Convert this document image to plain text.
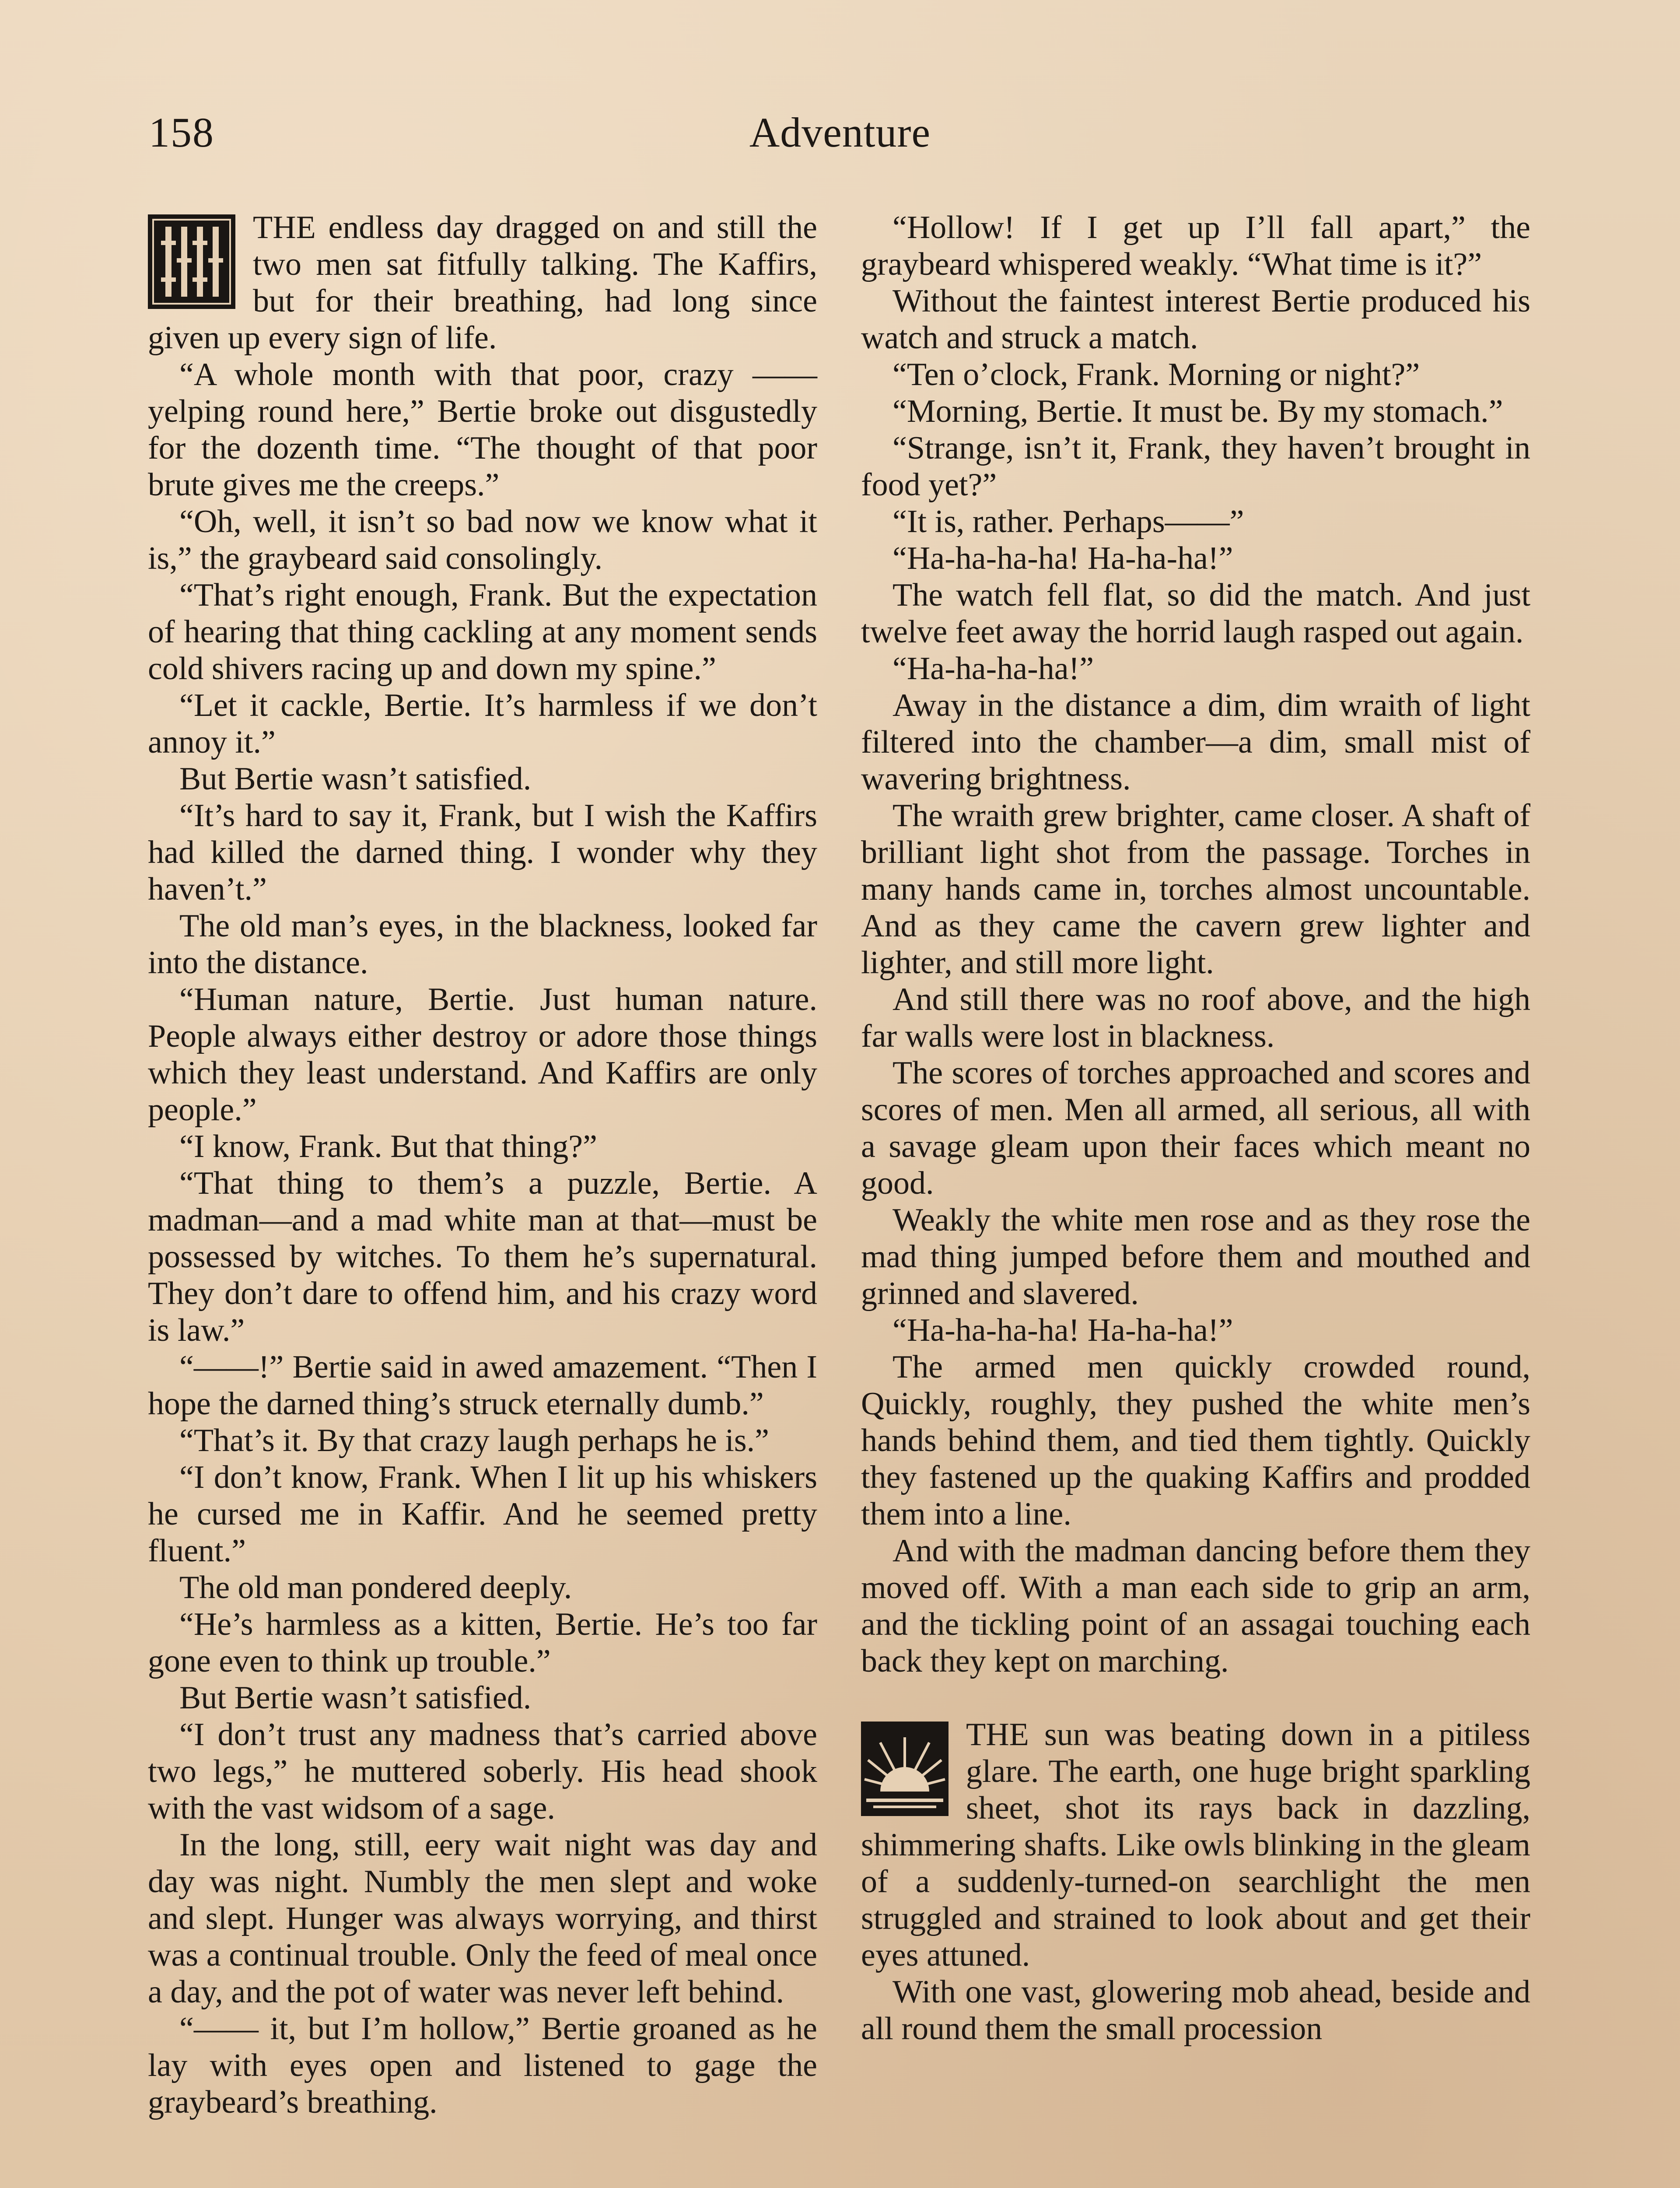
158	Adventure

THE endless day dragged on and still the two men sat fitfully talking. The Kaffirs, but for their breathing, had long since given up every sign of life.

“A whole month with that poor, crazy —— yelping round here,” Bertie broke out disgustedly for the dozenth time. “The thought of that poor brute gives me the creeps.”

“Oh, well, it isn’t so bad now we know what it is,” the graybeard said consolingly.

“That’s right enough, Frank. But the expectation of hearing that thing cackling at any moment sends cold shivers racing up and down my spine.”

“Let it cackle, Bertie. It’s harmless if we don’t annoy it.”

But Bertie wasn’t satisfied.

“It’s hard to say it, Frank, but I wish the Kaffirs had killed the darned thing. I wonder why they haven’t.”

The old man’s eyes, in the blackness, looked far into the distance.

“Human nature, Bertie. Just human nature. People always either destroy or adore those things which they least understand. And Kaffirs are only people.”

“I know, Frank. But that thing?”

“That thing to them’s a puzzle, Bertie. A madman—and a mad white man at that—must be possessed by witches. To them he’s supernatural. They don’t dare to offend him, and his crazy word is law.”

“——!” Bertie said in awed amazement. “Then I hope the darned thing’s struck eternally dumb.”

“That’s it. By that crazy laugh perhaps he is.”

“I don’t know, Frank. When I lit up his whiskers he cursed me in Kaffir. And he seemed pretty fluent.”

The old man pondered deeply.

“He’s harmless as a kitten, Bertie. He’s too far gone even to think up trouble.”

But Bertie wasn’t satisfied.

“I don’t trust any madness that’s carried above two legs,” he muttered soberly. His head shook with the vast widsom of a sage.

In the long, still, eery wait night was day and day was night. Numbly the men slept and woke and slept. Hunger was always worrying, and thirst was a continual trouble. Only the feed of meal once a day, and the pot of water was never left behind.

“—— it, but I’m hollow,” Bertie groaned as he lay with eyes open and listened to gage the graybeard’s breathing.

“Hollow! If I get up I’ll fall apart,” the graybeard whispered weakly. “What time is it?”

Without the faintest interest Bertie produced his watch and struck a match.

“Ten o’clock, Frank. Morning or night?”

“Morning, Bertie. It must be. By my stomach.”

“Strange, isn’t it, Frank, they haven’t brought in food yet?”

“It is, rather. Perhaps——”

“Ha-ha-ha-ha! Ha-ha-ha!”

The watch fell flat, so did the match. And just twelve feet away the horrid laugh rasped out again.

“Ha-ha-ha-ha!”

Away in the distance a dim, dim wraith of light filtered into the chamber—a dim, small mist of wavering brightness.

The wraith grew brighter, came closer. A shaft of brilliant light shot from the passage. Torches in many hands came in, torches almost uncountable. And as they came the cavern grew lighter and lighter, and still more light.

And still there was no roof above, and the high far walls were lost in blackness.

The scores of torches approached and scores and scores of men. Men all armed, all serious, all with a savage gleam upon their faces which meant no good.

Weakly the white men rose and as they rose the mad thing jumped before them and mouthed and grinned and slavered.

“Ha-ha-ha-ha! Ha-ha-ha!”

The armed men quickly crowded round, Quickly, roughly, they pushed the white men’s hands behind them, and tied them tightly. Quickly they fastened up the quaking Kaffirs and prodded them into a line.

And with the madman dancing before them they moved off. With a man each side to grip an arm, and the tickling point of an assagai touching each back they kept on marching.

THE sun was beating down in a pitiless glare. The earth, one huge bright sparkling sheet, shot its rays back in dazzling, shimmering shafts. Like owls blinking in the gleam of a suddenly-turned-on searchlight the men struggled and strained to look about and get their eyes attuned.

With one vast, glowering mob ahead, beside and all round them the small procession
